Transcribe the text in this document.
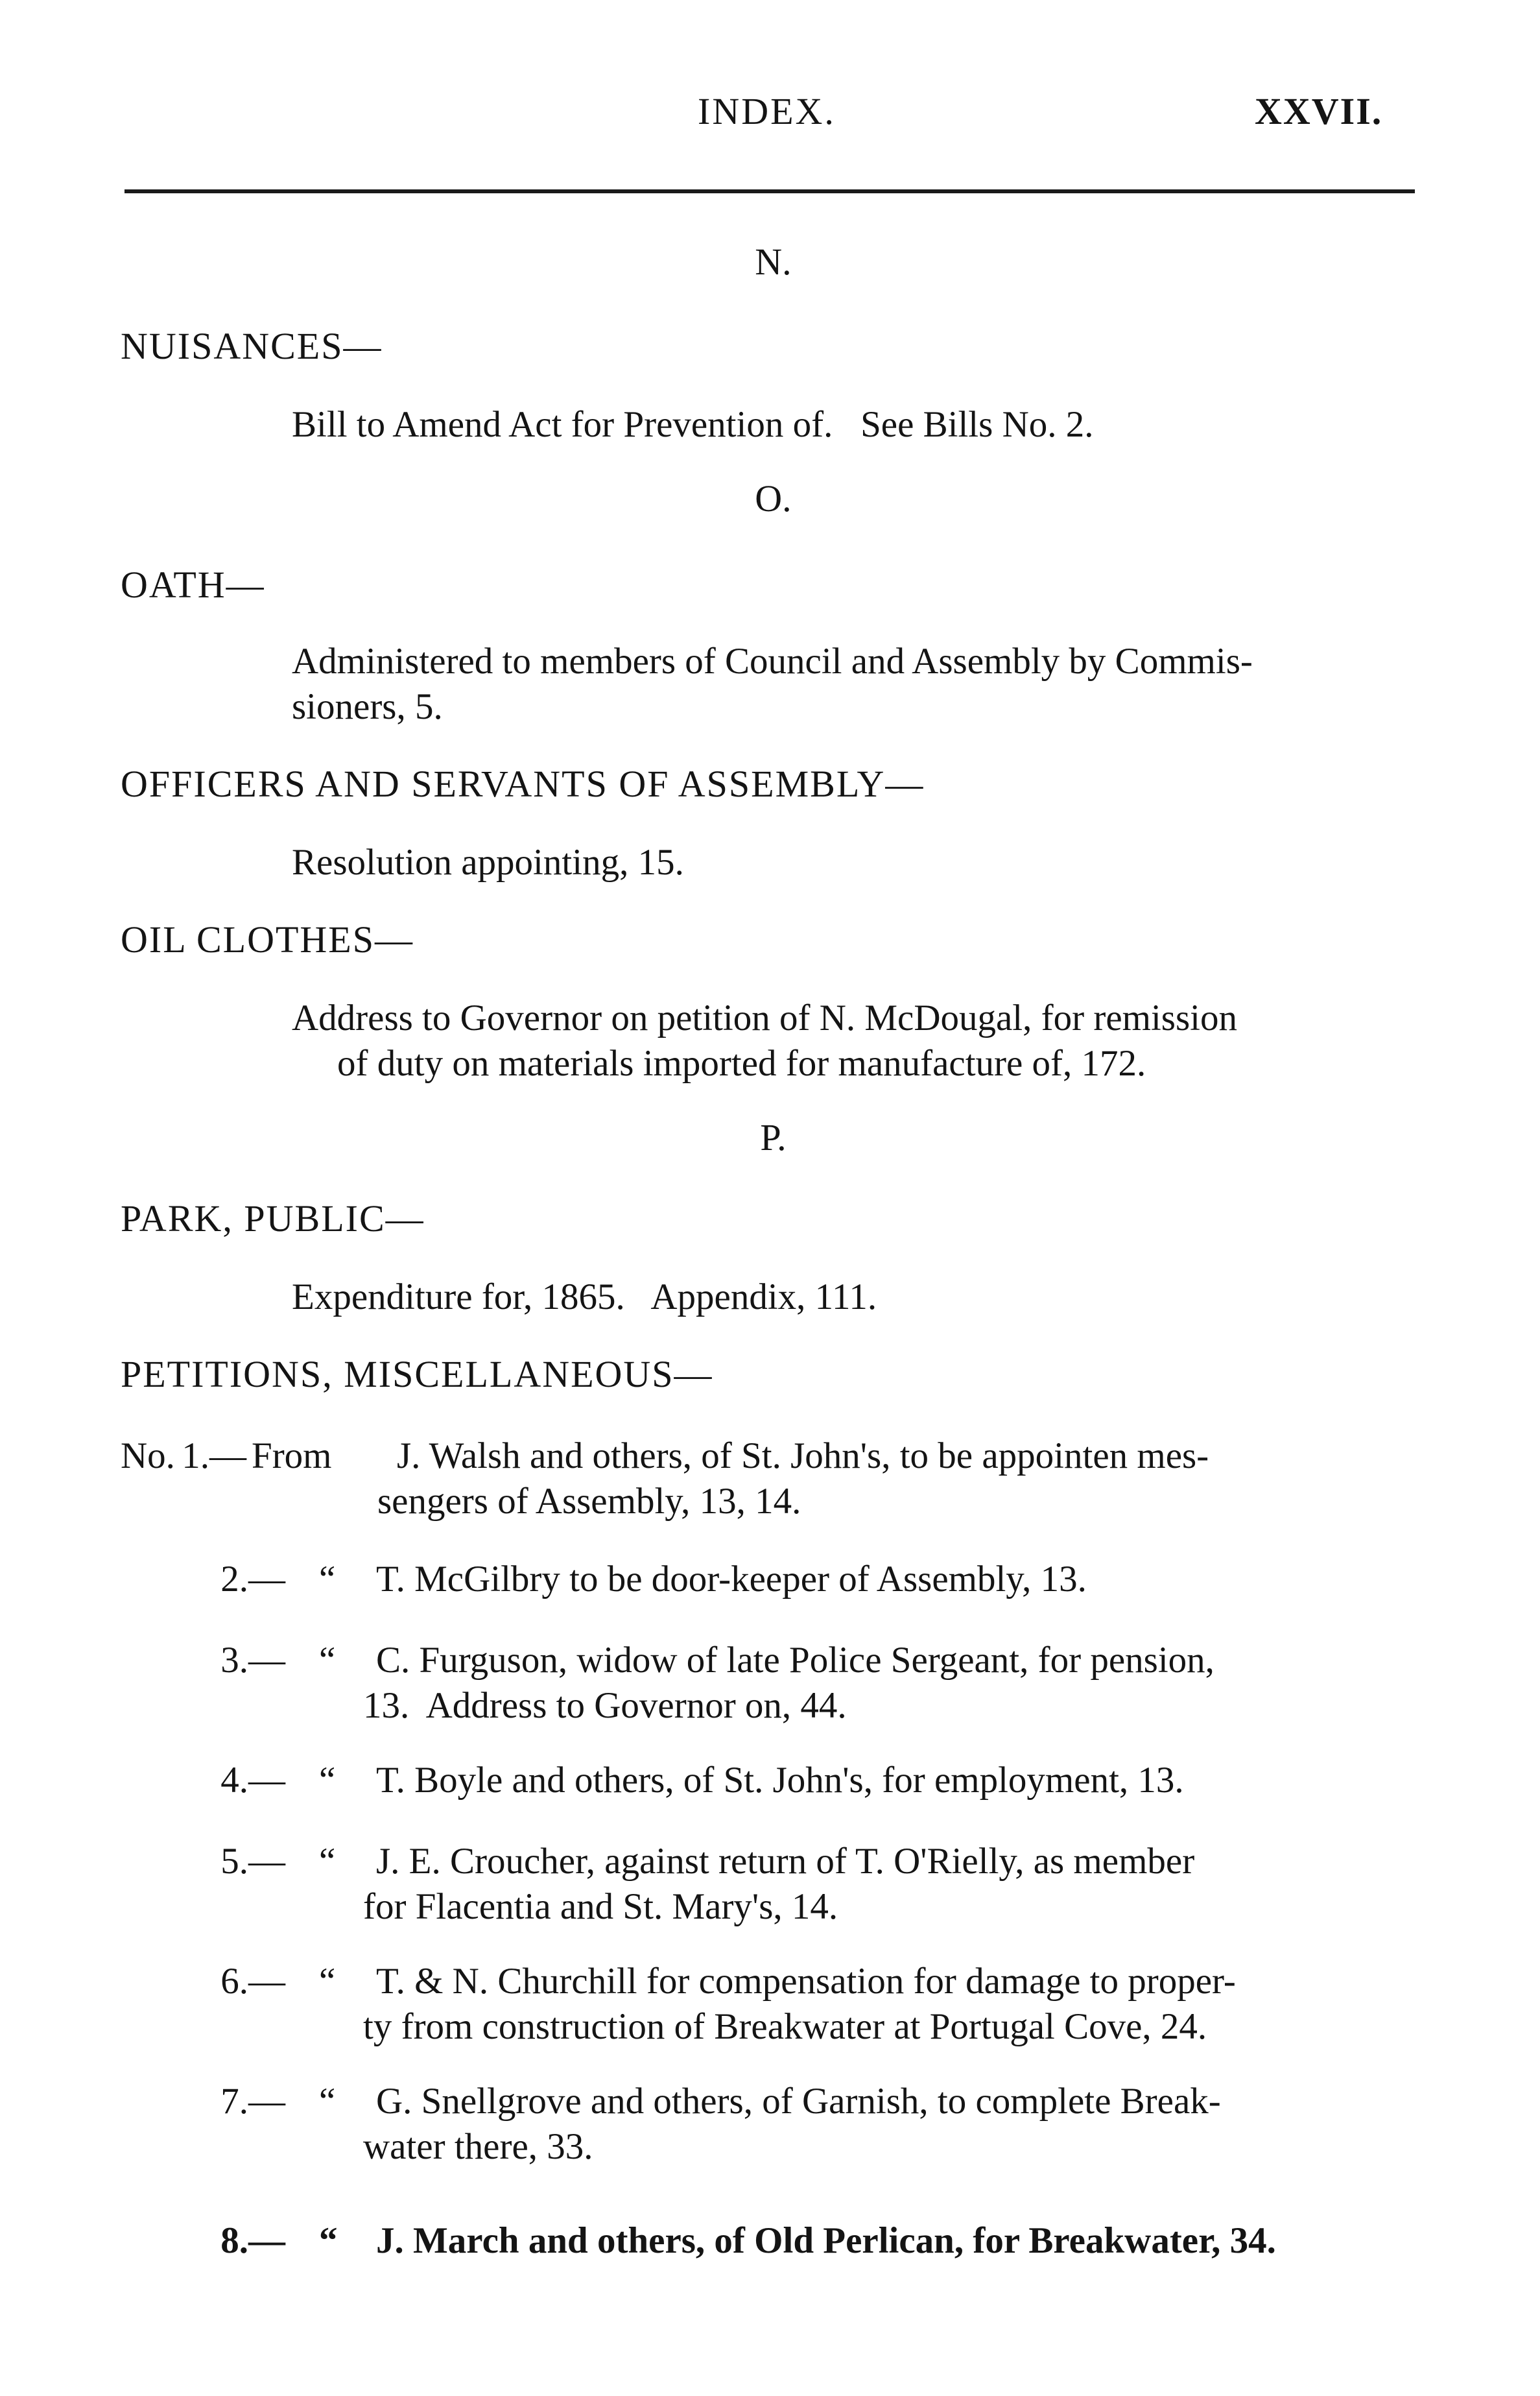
INDEX.	XXVII.
N.
NUISANCES—
Bill to Amend Act for Prevention of.   See Bills No. 2.
O.
OATH—
Administered to members of Council and Assembly by Commis-
sioners, 5.
OFFICERS AND SERVANTS OF ASSEMBLY—
Resolution appointing, 15.
OIL CLOTHES—
Address to Governor on petition of N. McDougal, for remission
of duty on materials imported for manufacture of, 172.
P.
PARK, PUBLIC—
Expenditure for, 1865.   Appendix, 111.
PETITIONS, MISCELLANEOUS—
No. 1.— From J. Walsh and others, of St. John's, to be appointen mes-
sengers of Assembly, 13, 14.
2.— “ T. McGilbry to be door-keeper of Assembly, 13.
3.— “ C. Furguson, widow of late Police Sergeant, for pension,
13.  Address to Governor on, 44.
4.— “ T. Boyle and others, of St. John's, for employment, 13.
5.— “ J. E. Croucher, against return of T. O'Rielly, as member
for Flacentia and St. Mary's, 14.
6.— “ T. & N. Churchill for compensation for damage to proper-
ty from construction of Breakwater at Portugal Cove, 24.
7.— “ G. Snellgrove and others, of Garnish, to complete Break-
water there, 33.
8.— “ J. March and others, of Old Perlican, for Breakwater, 34.
